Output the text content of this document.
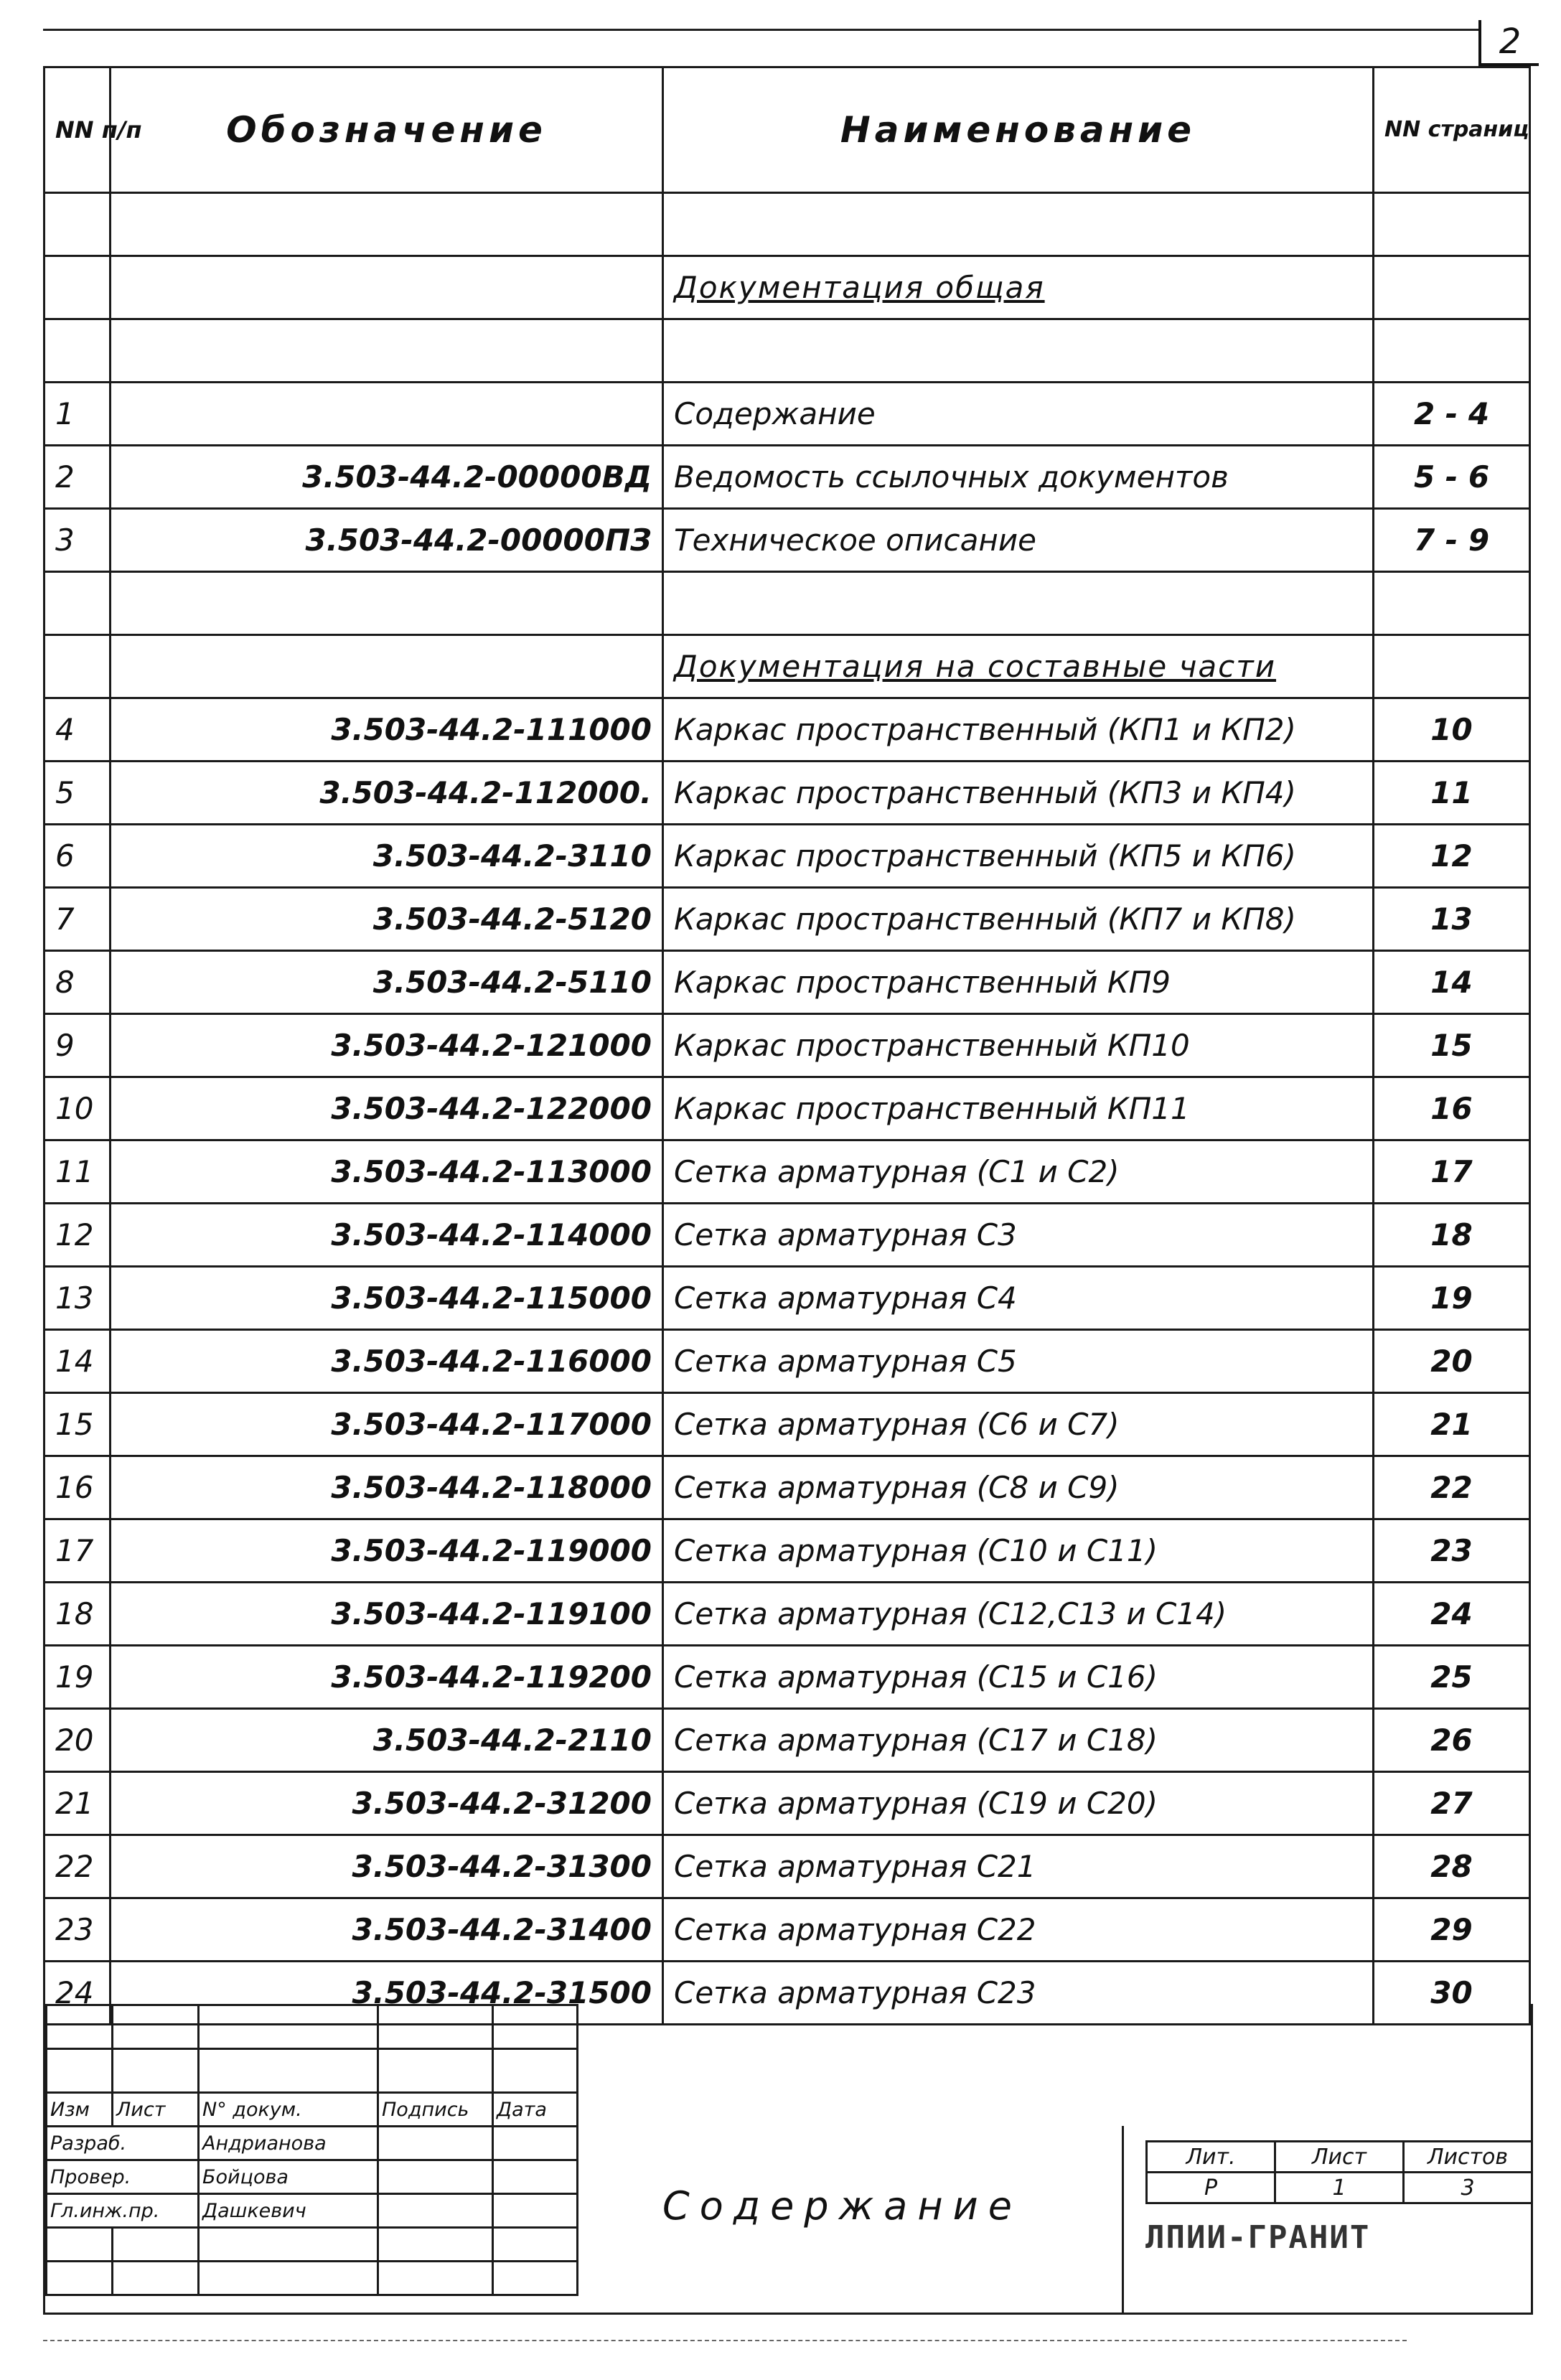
2
NN п/п	Обозначение	Наименование	NN страниц

		Документация общая	

1		Содержание	2 - 4
2	3.503-44.2-00000ВД	Ведомость ссылочных документов	5 - 6
3	3.503-44.2-00000ПЗ	Техническое описание	7 - 9

		Документация на составные части	
4	3.503-44.2-111000	Каркас пространственный (КП1 и КП2)	10
5	3.503-44.2-112000.	Каркас пространственный (КП3 и КП4)	11
6	3.503-44.2-3110	Каркас пространственный (КП5 и КП6)	12
7	3.503-44.2-5120	Каркас пространственный (КП7 и КП8)	13
8	3.503-44.2-5110	Каркас пространственный КП9	14
9	3.503-44.2-121000	Каркас пространственный КП10	15
10	3.503-44.2-122000	Каркас пространственный КП11	16
11	3.503-44.2-113000	Сетка арматурная (С1 и С2)	17
12	3.503-44.2-114000	Сетка арматурная С3	18
13	3.503-44.2-115000	Сетка арматурная С4	19
14	3.503-44.2-116000	Сетка арматурная С5	20
15	3.503-44.2-117000	Сетка арматурная (С6 и С7)	21
16	3.503-44.2-118000	Сетка арматурная (С8 и С9)	22
17	3.503-44.2-119000	Сетка арматурная (С10 и С11)	23
18	3.503-44.2-119100	Сетка арматурная (С12,С13 и С14)	24
19	3.503-44.2-119200	Сетка арматурная (С15 и С16)	25
20	3.503-44.2-2110	Сетка арматурная (С17 и С18)	26
21	3.503-44.2-31200	Сетка арматурная (С19 и С20)	27
22	3.503-44.2-31300	Сетка арматурная С21	28
23	3.503-44.2-31400	Сетка арматурная С22	29
24	3.503-44.2-31500	Сетка арматурная С23	30

Изм	Лист	N° докум.	Подпись	Дата
Разраб.		Андрианова		
Провер.		Бойцова		
Гл.инж.пр.		Дашкевич		

					Содержание
Лит.	Лист	Листов
Р	1	3
ЛПИИ-ГРАНИТ
